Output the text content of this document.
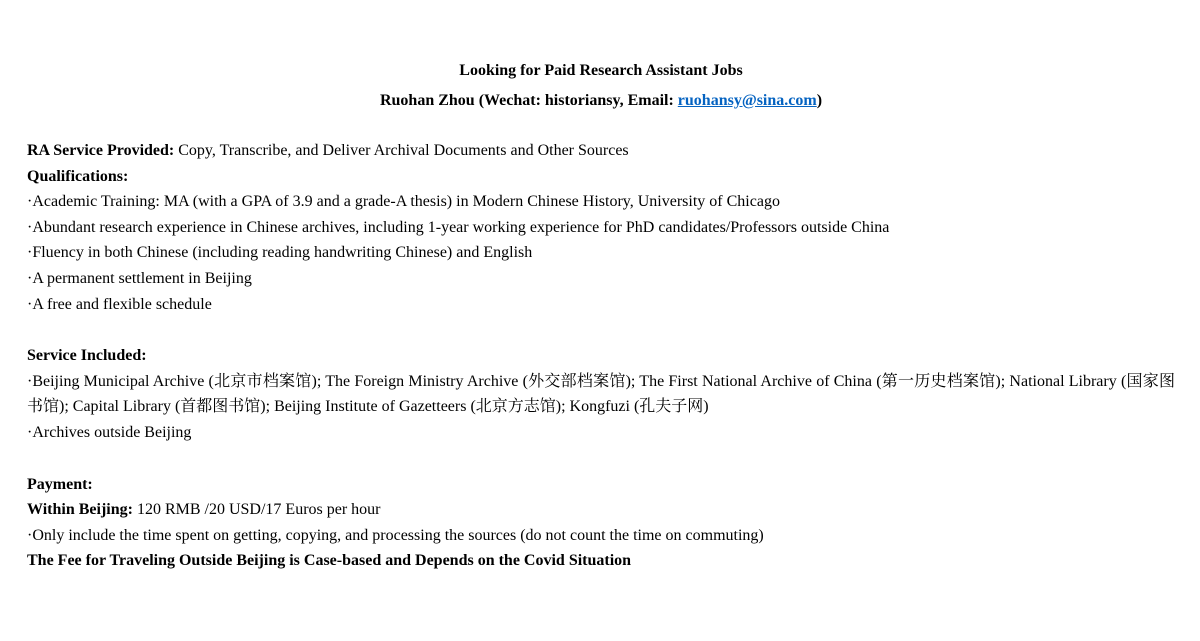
Looking for Paid Research Assistant Jobs
Ruohan Zhou (Wechat: historiansy, Email: ruohansy@sina.com)
RA Service Provided: Copy, Transcribe, and Deliver Archival Documents and Other Sources
Qualifications:
·Academic Training: MA (with a GPA of 3.9 and a grade-A thesis) in Modern Chinese History, University of Chicago
·Abundant research experience in Chinese archives, including 1-year working experience for PhD candidates/Professors outside China
·Fluency in both Chinese (including reading handwriting Chinese) and English
·A permanent settlement in Beijing
·A free and flexible schedule
Service Included:
·Beijing Municipal Archive (北京市档案馆); The Foreign Ministry Archive (外交部档案馆); The First National Archive of China (第一历史档案馆); National Library (国家图书馆); Capital Library (首都图书馆); Beijing Institute of Gazetteers (北京方志馆); Kongfuzi (孔夫子网)
·Archives outside Beijing
Payment:
Within Beijing: 120 RMB /20 USD/17 Euros per hour
·Only include the time spent on getting, copying, and processing the sources (do not count the time on commuting)
The Fee for Traveling Outside Beijing is Case-based and Depends on the Covid Situation
